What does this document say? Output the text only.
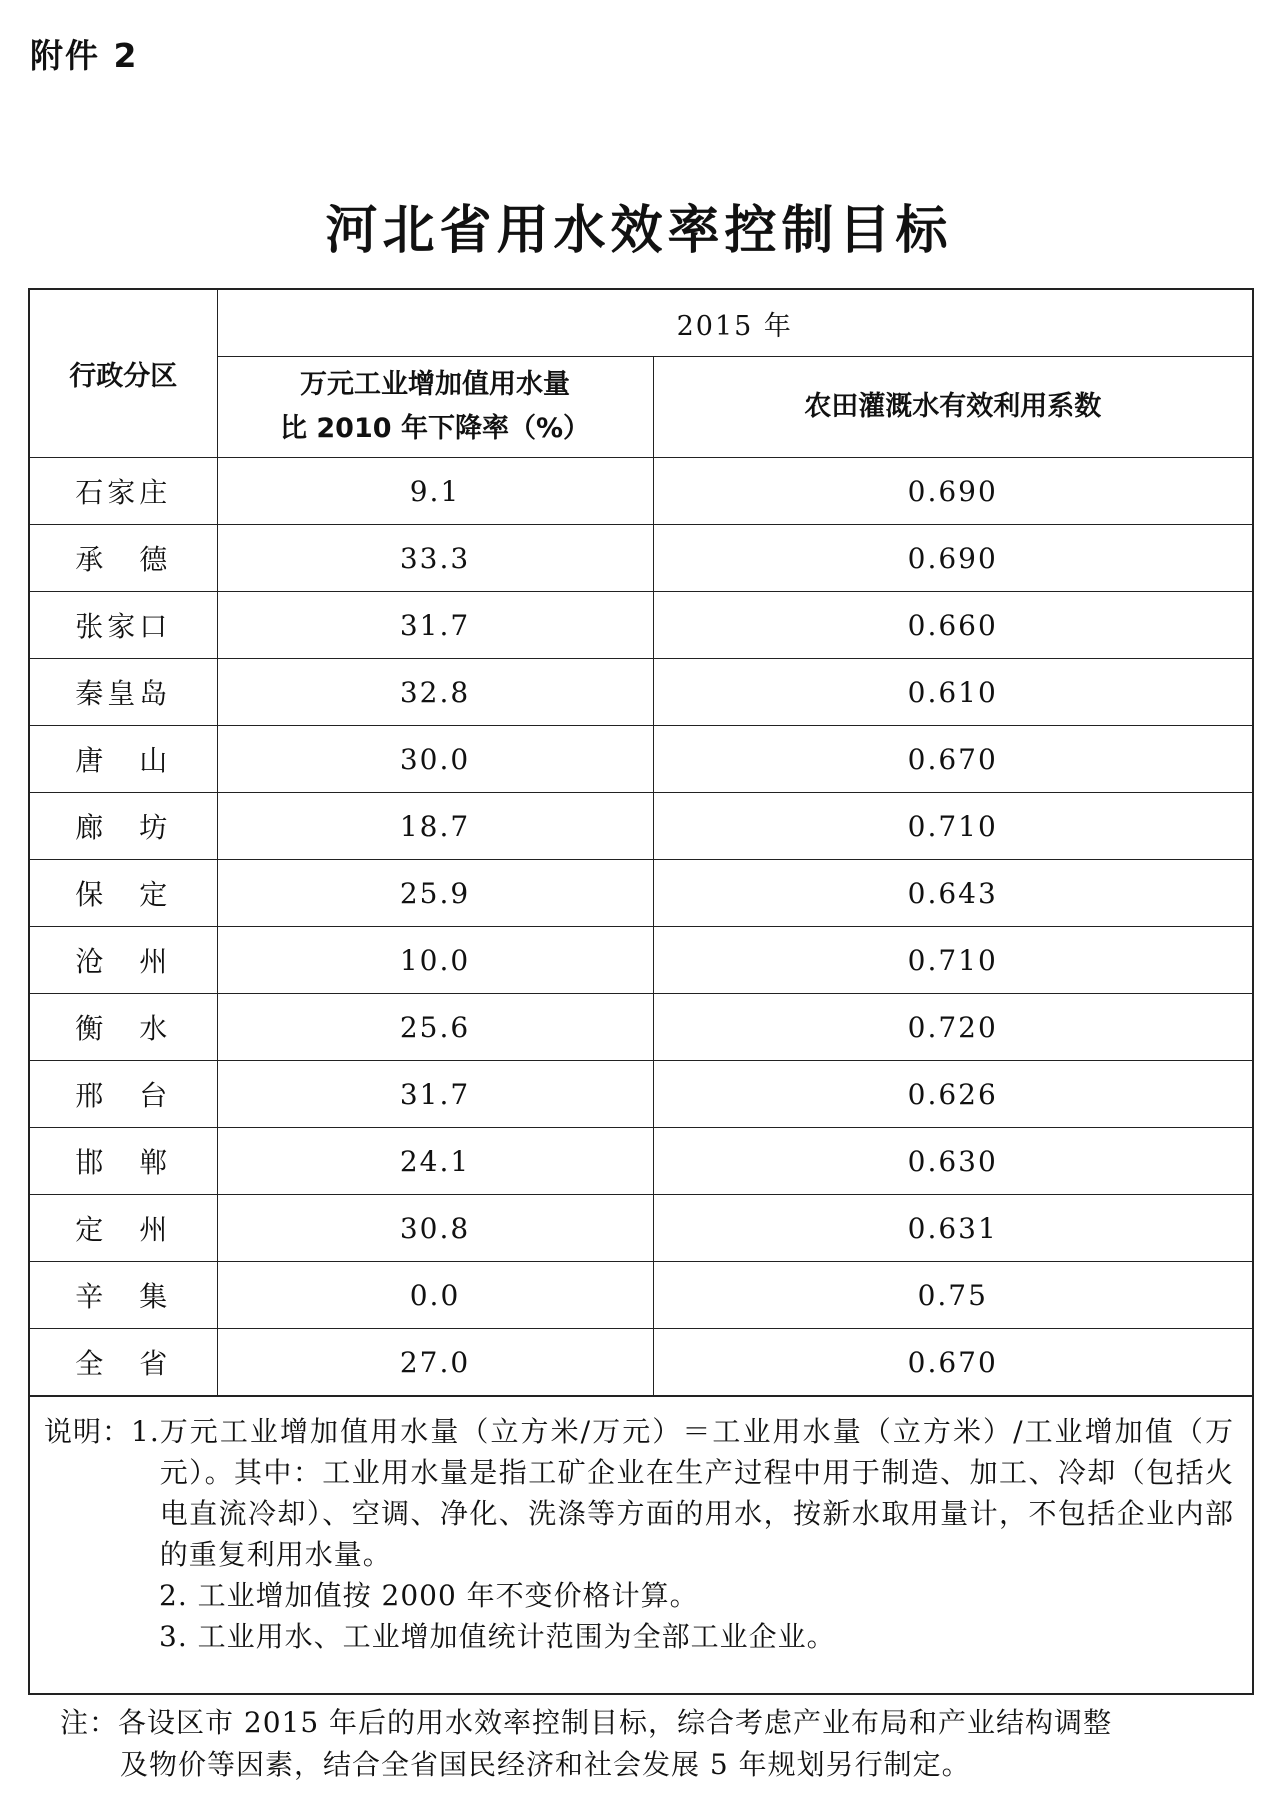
附件 2
河北省用水效率控制目标
行政分区	2015 年	

	万元工业增加值用水量
比 2010 年下降率（%）	农田灌溉水有效利用系数
石家庄	9.1	0.690
承　德	33.3	0.690
张家口	31.7	0.660
秦皇岛	32.8	0.610
唐　山	30.0	0.670
廊　坊	18.7	0.710
保　定	25.9	0.643
沧　州	10.0	0.710
衡　水	25.6	0.720
邢　台	31.7	0.626
邯　郸	24.1	0.630
定　州	30.8	0.631
辛　集	0.0	0.75
全　省	27.0	0.670
说明：1. 万元工业增加值用水量（立方米/万元）＝工业用水量（立方米）/工业增加值（万元）。其中：工业用水量是指工矿企业在生产过程中用于制造、加工、冷却（包括火电直流冷却）、空调、净化、洗涤等方面的用水，按新水取用量计，不包括企业内部的重复利用水量。
2. 工业增加值按 2000 年不变价格计算。
3. 工业用水、工业增加值统计范围为全部工业企业。
注：各设区市 2015 年后的用水效率控制目标，综合考虑产业布局和产业结构调整
及物价等因素，结合全省国民经济和社会发展 5 年规划另行制定。
